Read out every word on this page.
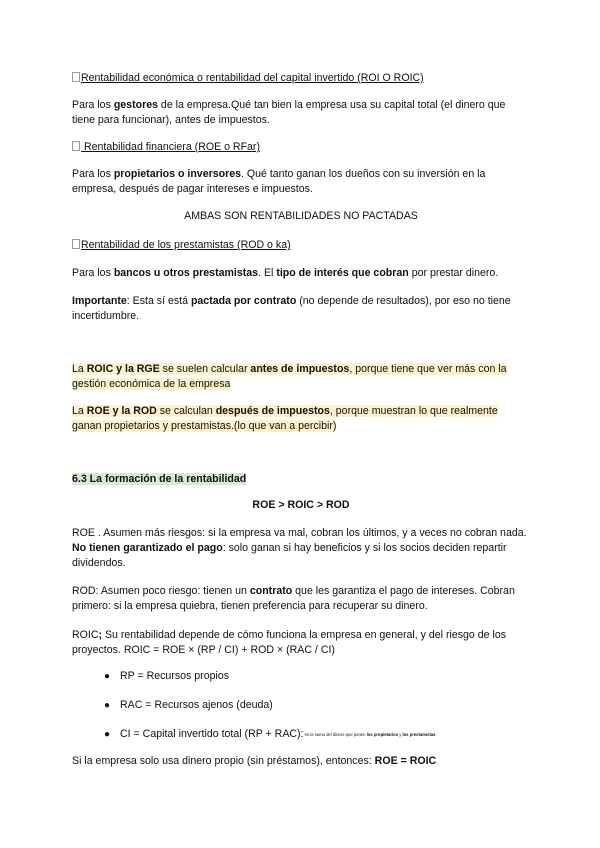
Rentabilidad económica o rentabilidad del capital invertido (ROI O ROIC)
Para los gestores de la empresa.Qué tan bien la empresa usa su capital total (el dinero que tiene para funcionar), antes de impuestos.
Rentabilidad financiera (ROE o RFar)
Para los propietarios o inversores. Qué tanto ganan los dueños con su inversión en la empresa, después de pagar intereses e impuestos.
AMBAS SON RENTABILIDADES NO PACTADAS
Rentabilidad de los prestamistas (ROD o ka)
Para los bancos u otros prestamistas. El tipo de interés que cobran por prestar dinero.
Importante: Esta sí está pactada por contrato (no depende de resultados), por eso no tiene incertidumbre.
La ROIC y la RGE se suelen calcular antes de impuestos, porque tiene que ver más con la gestión económica de la empresa
La ROE y la ROD se calculan después de impuestos, porque muestran lo que realmente ganan propietarios y prestamistas.(lo que van a percibir)
6.3 La formación de la rentabilidad
ROE > ROIC > ROD
ROE . Asumen más riesgos: si la empresa va mal, cobran los últimos, y a veces no cobran nada. No tienen garantizado el pago: solo ganan si hay beneficios y si los socios deciden repartir dividendos.
ROD: Asumen poco riesgo: tienen un contrato que les garantiza el pago de intereses. Cobran primero: si la empresa quiebra, tienen preferencia para recuperar su dinero.
ROIC; Su rentabilidad depende de cómo funciona la empresa en general, y del riesgo de los proyectos. ROIC = ROE × (RP / CI) + ROD × (RAC / CI)
● RP = Recursos propios
● RAC = Recursos ajenos (deuda)
● CI = Capital invertido total (RP + RAC): es la suma del dinero que ponen los propietarios y los prestamistas.
Si la empresa solo usa dinero propio (sin préstamos), entonces: ROE = ROIC
